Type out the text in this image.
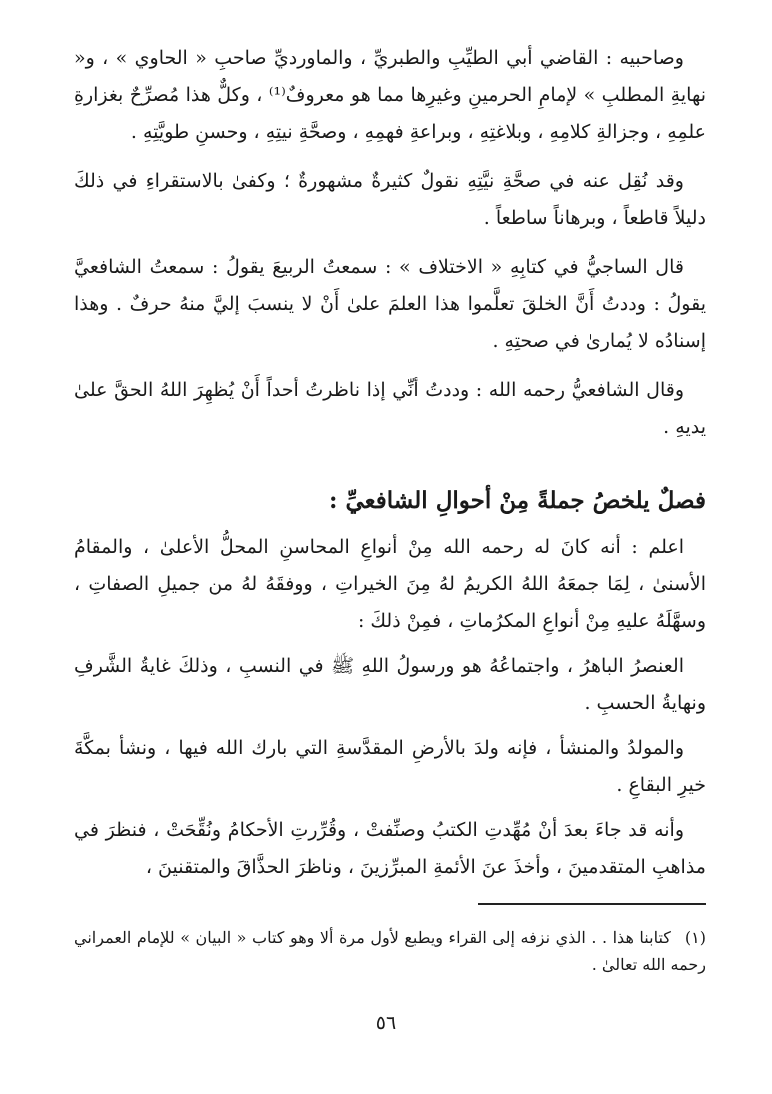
وصاحبيه : القاضي أبي الطيِّبِ والطبريِّ ، والماورديِّ صاحبِ « الحاوي » ، و« نهايةِ المطلبِ » لإمامِ الحرمينِ وغيرِها مما هو معروفٌ⁽¹⁾ ، وكلٌّ هذا مُصرِّحٌ بغزارةِ علمِهِ ، وجزالةِ كلامِهِ ، وبلاغتِهِ ، وبراعةِ فهمِهِ ، وصحَّةِ نيتِهِ ، وحسنِ طويَّتِهِ .

وقد نُقِل عنه في صحَّةِ نيَّتِهِ نقولٌ كثيرةٌ مشهورةٌ ؛ وكفىٰ بالاستقراءِ في ذلكَ دليلاً قاطعاً ، وبرهاناً ساطعاً .

قال الساجيُّ في كتابِهِ « الاختلاف » : سمعتُ الربيعَ يقولُ : سمعتُ الشافعيَّ يقولُ : وددتُ أَنَّ الخلقَ تعلَّموا هذا العلمَ علىٰ أَنْ لا ينسبَ إليَّ منهُ حرفٌ . وهذا إسنادُه لا يُمارىٰ في صحتِهِ .

وقال الشافعيُّ رحمه الله : وددتُ أنِّي إذا ناظرتُ أحداً أَنْ يُظهِرَ اللهُ الحقَّ علىٰ يديهِ .

فصلٌ يلخصُ جملةً مِنْ أحوالِ الشافعيِّ :

اعلم : أنه كانَ له رحمه الله مِنْ أنواعِ المحاسنِ المحلُّ الأعلىٰ ، والمقامُ الأسنىٰ ، لِمَا جمعَهُ اللهُ الكريمُ لهُ مِنَ الخيراتِ ، ووفقَهُ لهُ من جميلِ الصفاتِ ، وسهَّلَهُ عليهِ مِنْ أنواعِ المكرُماتِ ، فمِنْ ذلكَ :

العنصرُ الباهرُ ، واجتماعُهُ هو ورسولُ اللهِ ﷺ في النسبِ ، وذلكَ غايةُ الشَّرفِ ونهايةُ الحسبِ .

والمولدُ والمنشأ ، فإنه ولدَ بالأرضِ المقدَّسةِ التي بارك الله فيها ، ونشأ بمكَّةَ خيرِ البقاعِ .

وأنه قد جاءَ بعدَ أنْ مُهِّدتِ الكتبُ وصنِّفتْ ، وقُرِّرتِ الأحكامُ ونُقِّحَتْ ، فنظرَ في مذاهبِ المتقدمينَ ، وأخذَ عنَ الأئمةِ المبرِّزينَ ، وناظرَ الحذَّاقَ والمتقنينَ ،

(١)كتابنا هذا . . الذي نزفه إلى القراء ويطبع لأول مرة ألا وهو كتاب « البيان » للإمام العمراني رحمه الله تعالىٰ .
٥٦
